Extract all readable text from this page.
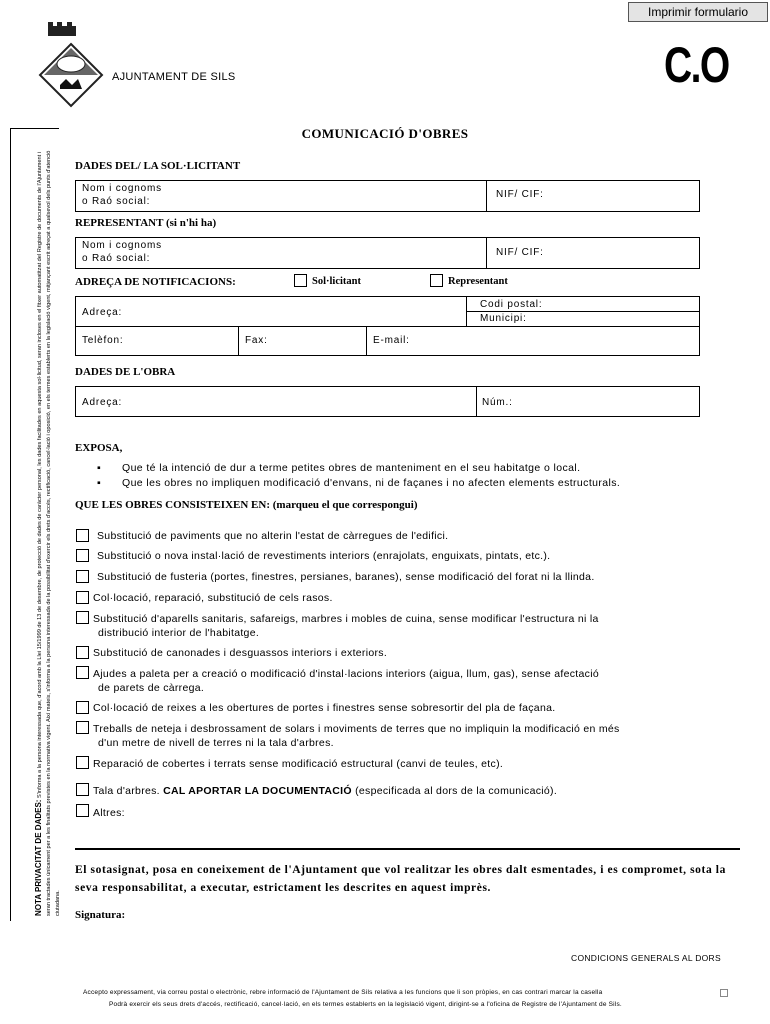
Imprimir formulario
AJUNTAMENT DE SILS	C.O
NOTA PRIVACITAT DE DADES: S'informa a la persona interessada que, d'acord amb la Llei 15/1999 de 13 de desembre, de protecció de dades de caràcter personal, les dades facilitades en aquesta sol·licitud, seran incloses en el fitxer automatitzat del Registre de documents de l'Ajuntament i seran tractades únicament per a les finalitats previstes en la normativa vigent. Així mateix, s'informa a la persona interessada de la possibilitat d'exercir els drets d'accés, rectificació, cancel·lació i oposició, en els termes establerts en la legislació vigent, mitjançant escrit adreçat a qualsevol dels punts d'atenció ciutadana.
COMUNICACIÓ D'OBRES
DADES DEL/ LA SOL·LICITANT
Nom i cognoms
o Raó social:
NIF/ CIF:
REPRESENTANT (si n'hi ha)
Nom i cognoms
o Raó social:
NIF/ CIF:
ADREÇA DE NOTIFICACIONS:	Sol·licitant	Representant
Adreça:
Codi postal:
Municipi:
Telèfon:	Fax:	E-mail:
DADES DE L'OBRA
Adreça:	Núm.:
EXPOSA,
▪ Que té la intenció de dur a terme petites obres de manteniment en el seu habitatge o local.
▪ Que les obres no impliquen modificació d'envans, ni de façanes i no afecten elements estructurals.
QUE LES OBRES CONSISTEIXEN EN: (marqueu el que correspongui)
Substitució de paviments que no alterin l'estat de càrregues de l'edifici.
Substitució o nova instal·lació de revestiments interiors (enrajolats, enguixats, pintats, etc.).
Substitució de fusteria (portes, finestres, persianes, baranes), sense modificació del forat ni la llinda.
Col·locació, reparació, substitució de cels rasos.
Substitució d'aparells sanitaris, safareigs, marbres i mobles de cuina, sense modificar l'estructura ni la
distribució interior de l'habitatge.
Substitució de canonades i desguassos interiors i exteriors.
Ajudes a paleta per a creació o modificació d'instal·lacions interiors (aigua, llum, gas), sense afectació
de parets de càrrega.
Col·locació de reixes a les obertures de portes i finestres sense sobresortir del pla de façana.
Treballs de neteja i desbrossament de solars i moviments de terres que no impliquin la modificació en més
d'un metre de nivell de terres ni la tala d'arbres.
Reparació de cobertes i terrats sense modificació estructural (canvi de teules, etc).
Tala d'arbres. CAL APORTAR LA DOCUMENTACIÓ (especificada al dors de la comunicació).
Altres:
El sotasignat, posa en coneixement de l'Ajuntament que vol realitzar les obres dalt esmentades, i es compromet, sota la seva responsabilitat, a executar, estrictament les descrites en aquest imprès.
Signatura:
CONDICIONS GENERALS AL DORS
Accepto expressament, via correu postal o electrònic, rebre informació de l'Ajuntament de Sils relativa a les funcions que li son pròpies, en cas contrari marcar la casella
Podrà exercir els seus drets d'accés, rectificació, cancel·lació, en els termes establerts en la legislació vigent, dirigint-se a l'oficina de Registre de l'Ajuntament de Sils.
